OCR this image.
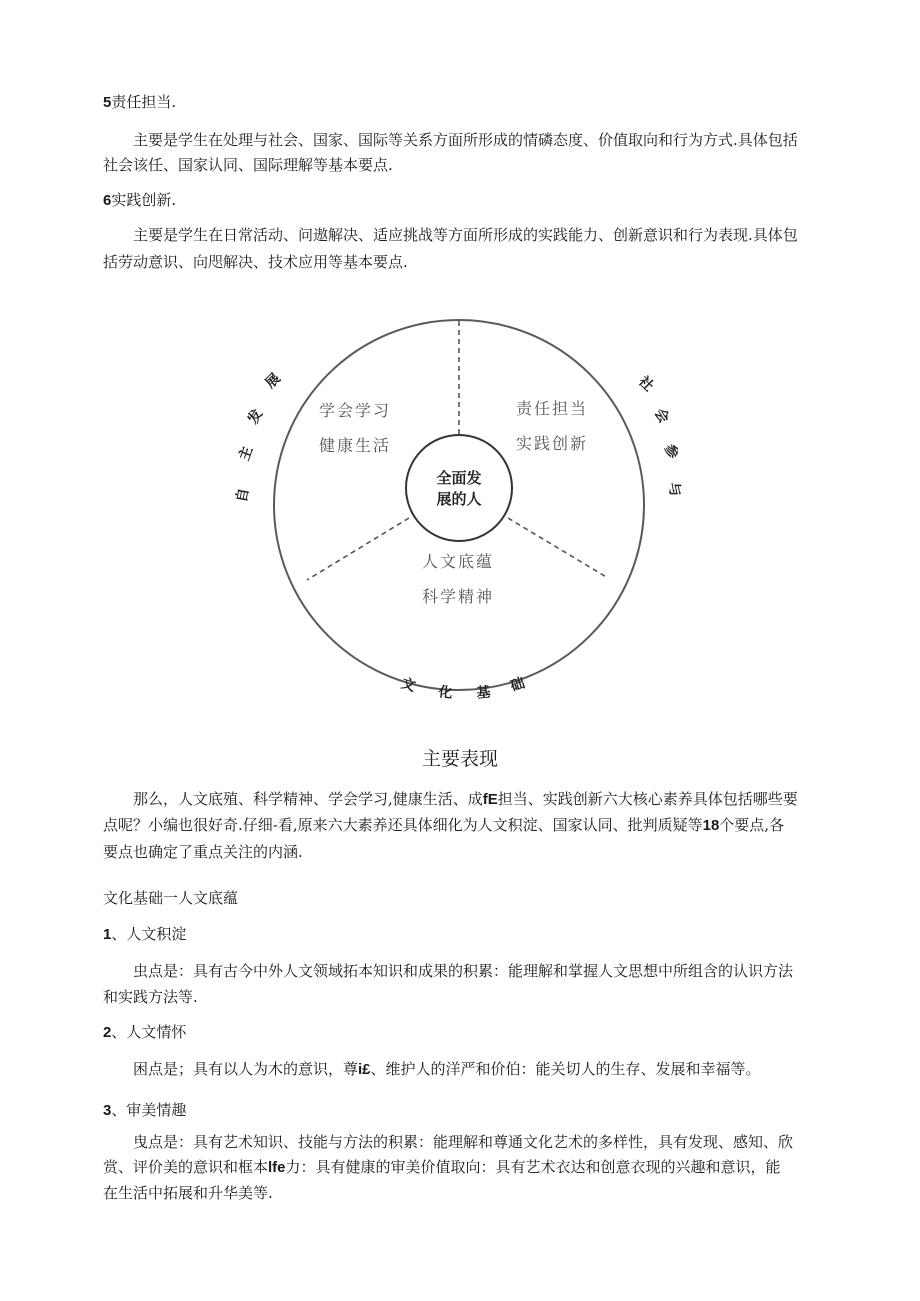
5责任担当.
主要是学生在处理与社会、国家、国际等关系方面所形成的情磷态度、价值取向和行为方式.具体包括
社会该任、国家认同、国际理解等基本要点.
6实践创新.
主要是学生在日常活动、问遨解决、适应挑战等方面所形成的实践能力、创新意识和行为表现.具体包
括劳动意识、向咫解决、技术应用等基本要点.
全面发
展的人
学会学习
健康生活
责任担当
实践创新
人文底蕴
科学精神
自
主
发
展	社
会
参
与
文 化 基 础
主要表现
那么，人文底殖、科学精神、学会学习,健康生活、成fE担当、实践创新六大核心素养具体包括哪些要
点呢？小编也很好奇.仔细-看,原来六大素养还具体细化为人文积淀、国家认同、批判质疑等18个要点,各
要点也确定了重点关注的内涵.
文化基础一人文底蕴
1、人文积淀
虫点是：具有古今中外人文领域拓本知识和成果的积累：能理解和掌握人文思想中所组含的认识方法
和实践方法等.
2、人文情怀
困点是；具有以人为木的意识，尊i£、维护人的洋严和价伯：能关切人的生存、发展和幸福等。
3、审美情趣
曳点是：具有艺术知识、技能与方法的积累：能理解和尊通文化艺术的多样性，具有发现、感知、欣
赏、评价美的意识和框本lfe力：具有健康的审美价值取向：具有艺术衣达和创意衣现的兴趣和意识，能
在生活中拓展和升华美等.
